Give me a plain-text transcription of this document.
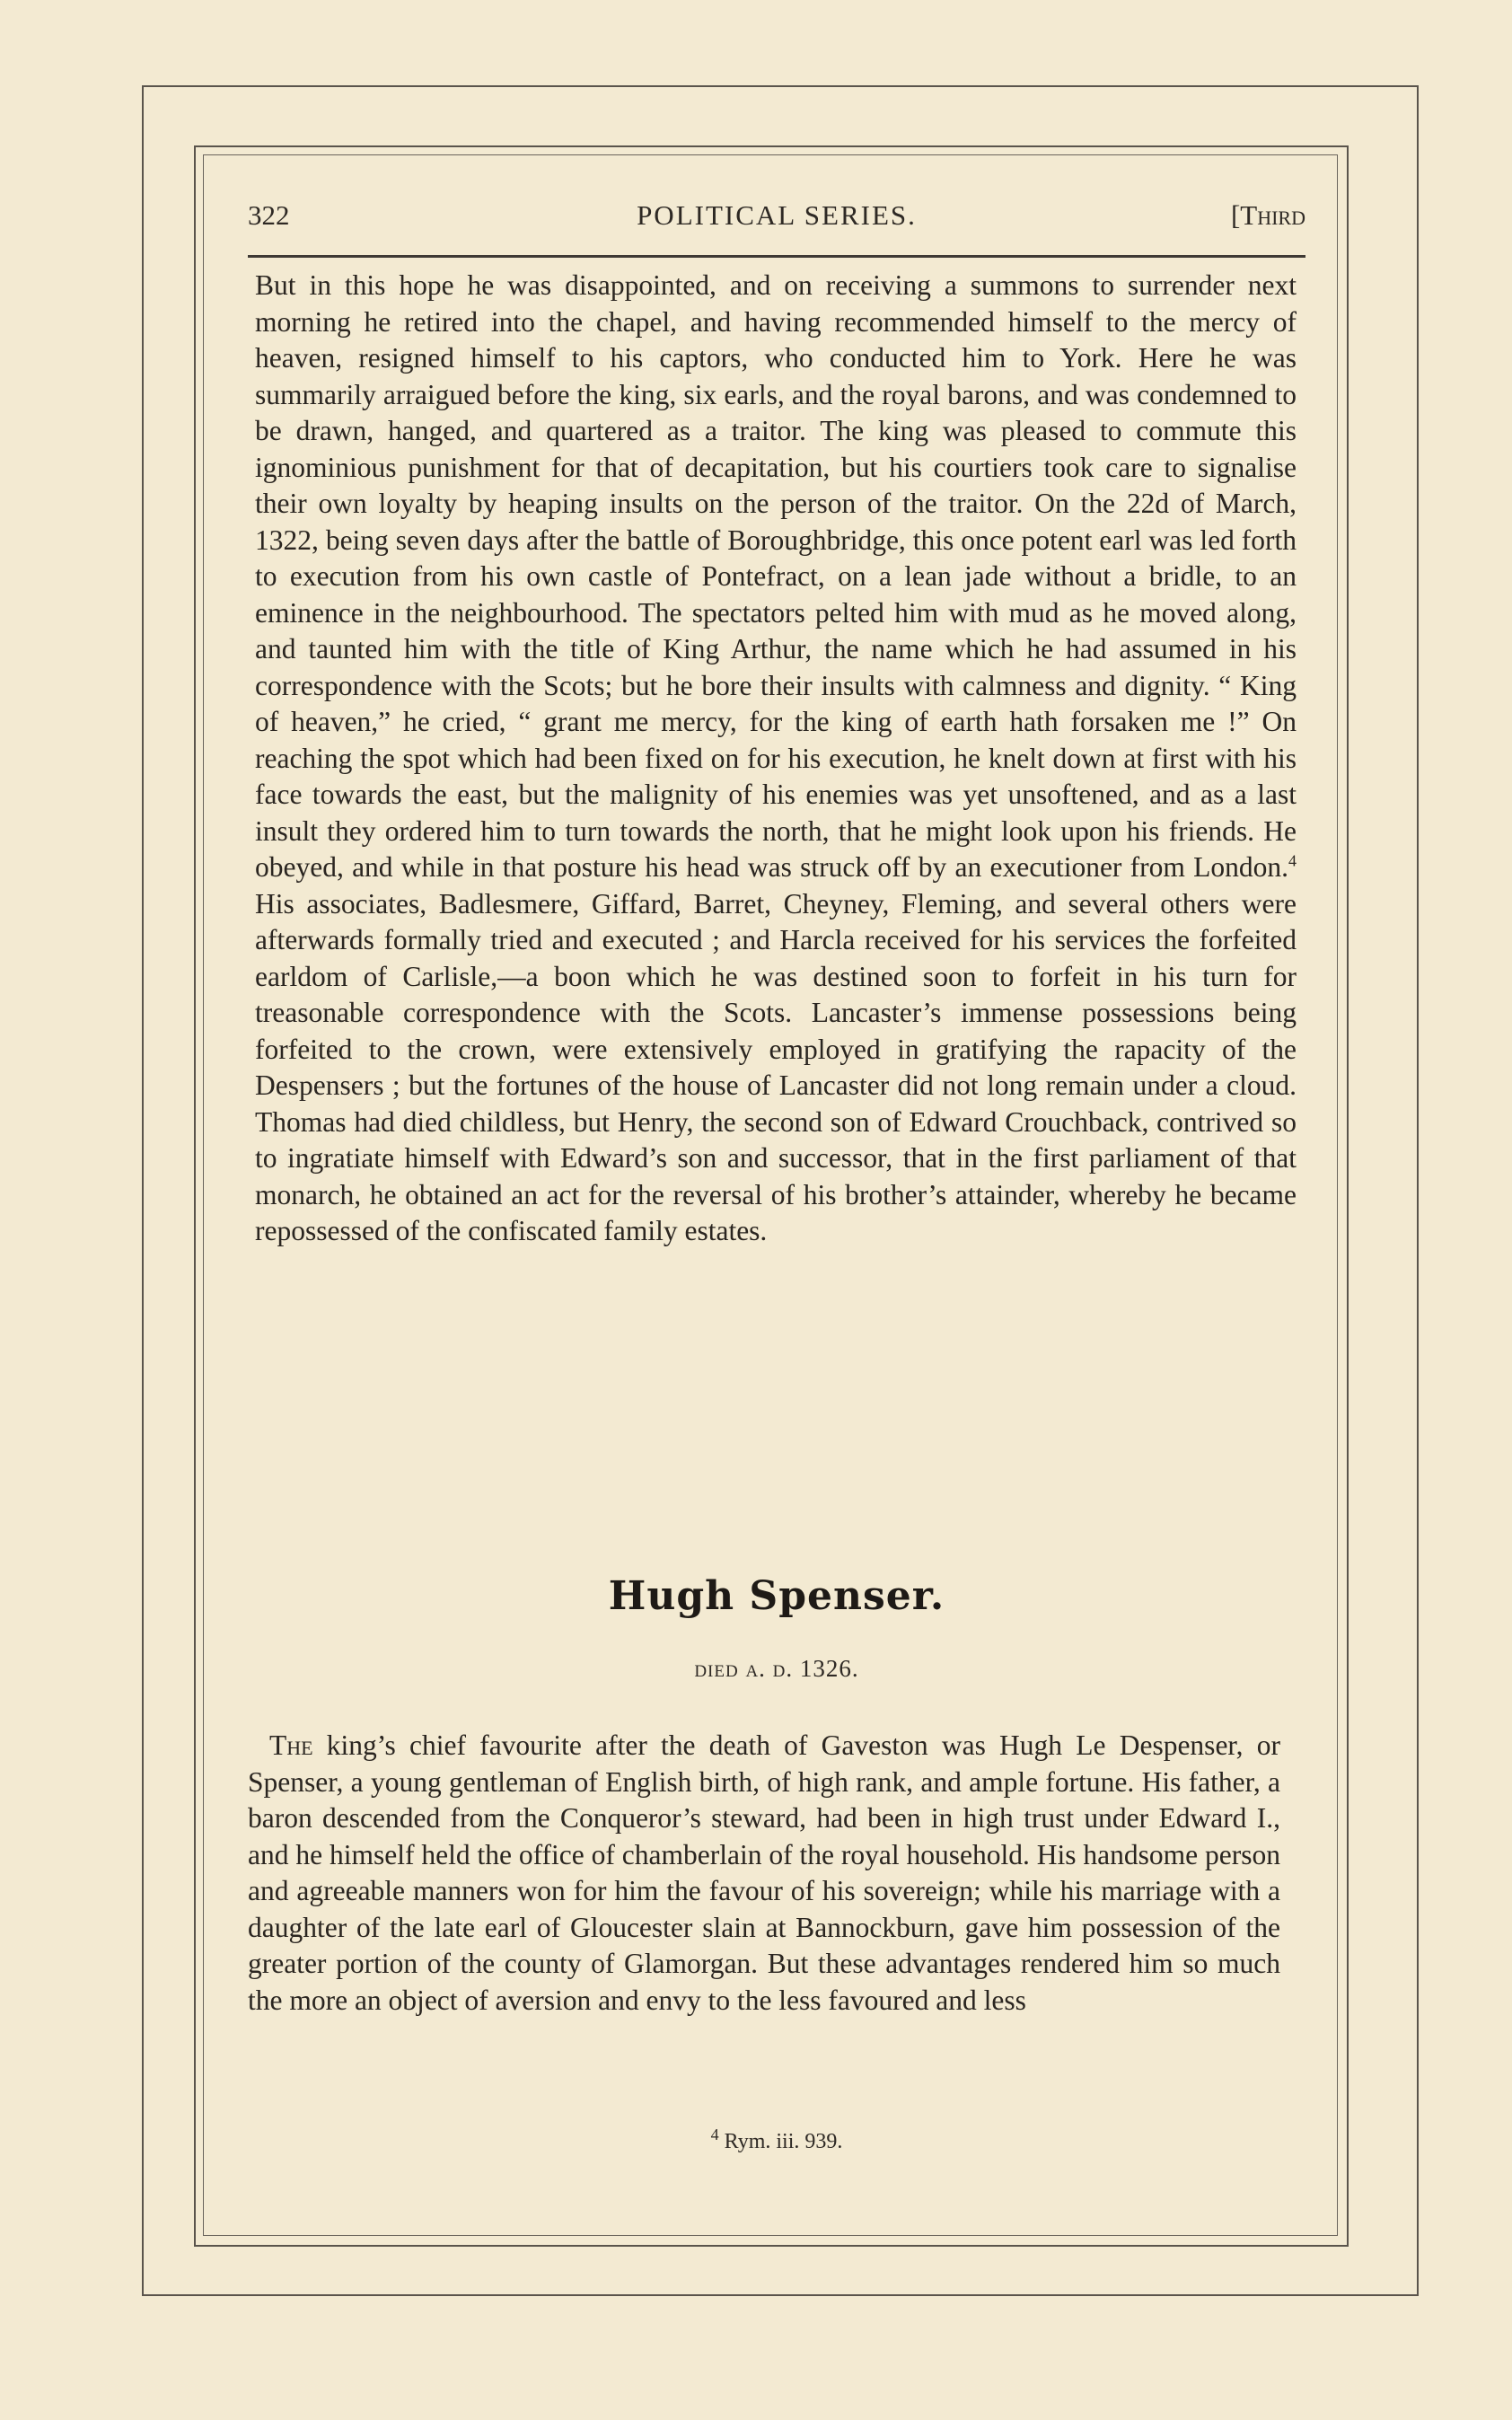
322	POLITICAL SERIES.	[Third
But in this hope he was disappointed, and on receiving a summons to surrender next morning he retired into the chapel, and having recommended himself to the mercy of heaven, resigned himself to his captors, who conducted him to York. Here he was summarily arraigued before the king, six earls, and the royal barons, and was condemned to be drawn, hanged, and quartered as a traitor. The king was pleased to commute this ignominious punishment for that of decapitation, but his courtiers took care to signalise their own loyalty by heaping insults on the person of the traitor. On the 22d of March, 1322, being seven days after the battle of Boroughbridge, this once potent earl was led forth to execution from his own castle of Pontefract, on a lean jade without a bridle, to an eminence in the neighbourhood. The spectators pelted him with mud as he moved along, and taunted him with the title of King Arthur, the name which he had assumed in his correspondence with the Scots; but he bore their insults with calmness and dignity. “ King of heaven,” he cried, “ grant me mercy, for the king of earth hath forsaken me !” On reaching the spot which had been fixed on for his execution, he knelt down at first with his face towards the east, but the malignity of his enemies was yet unsoftened, and as a last insult they ordered him to turn towards the north, that he might look upon his friends. He obeyed, and while in that posture his head was struck off by an executioner from London.$^4$ His associates, Badlesmere, Giffard, Barret, Cheyney, Fleming, and several others were afterwards formally tried and executed ; and Harcla received for his services the forfeited earldom of Carlisle,—a boon which he was destined soon to forfeit in his turn for treasonable correspondence with the Scots. Lancaster’s immense possessions being forfeited to the crown, were extensively employed in gratifying the rapacity of the Despensers ; but the fortunes of the house of Lancaster did not long remain under a cloud. Thomas had died childless, but Henry, the second son of Edward Crouchback, contrived so to ingratiate himself with Edward’s son and successor, that in the first parliament of that monarch, he obtained an act for the reversal of his brother’s attainder, whereby he became repossessed of the confiscated family estates.
Hugh Spenser.
died a. d. 1326.
The king’s chief favourite after the death of Gaveston was Hugh Le Despenser, or Spenser, a young gentleman of English birth, of high rank, and ample fortune. His father, a baron descended from the Conqueror’s steward, had been in high trust under Edward I., and he himself held the office of chamberlain of the royal household. His handsome person and agreeable manners won for him the favour of his sovereign; while his marriage with a daughter of the late earl of Gloucester slain at Bannockburn, gave him possession of the greater portion of the county of Glamorgan. But these advantages rendered him so much the more an object of aversion and envy to the less favoured and less
$^4$ Rym. iii. 939.
